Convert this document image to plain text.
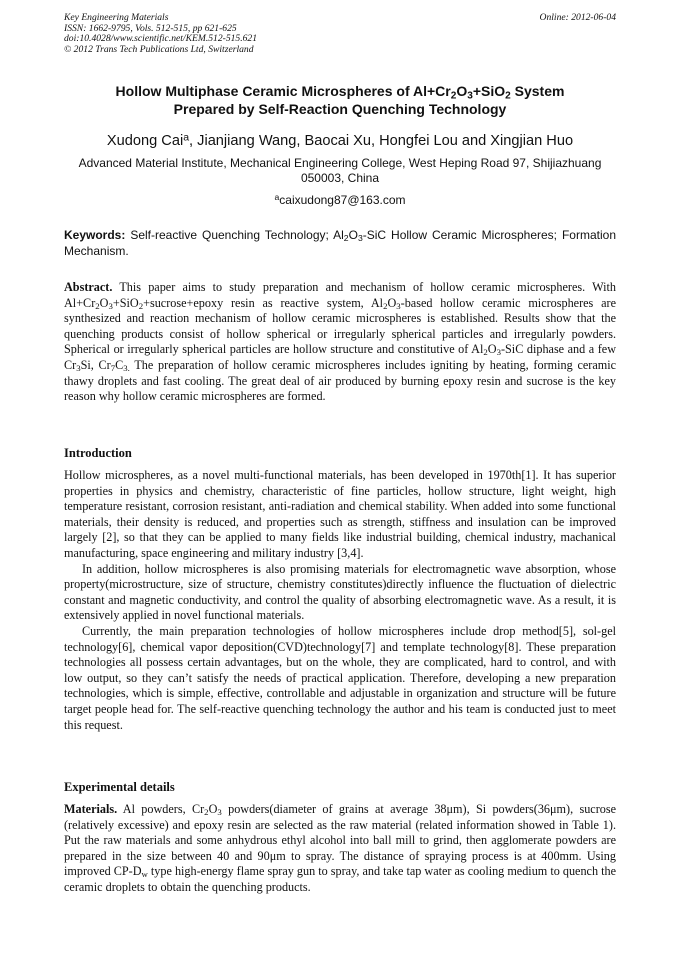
Key Engineering Materials
ISSN: 1662-9795, Vols. 512-515, pp 621-625
doi:10.4028/www.scientific.net/KEM.512-515.621
© 2012 Trans Tech Publications Ltd, Switzerland
Online: 2012-06-04
Hollow Multiphase Ceramic Microspheres of $Al+Cr_2O_3+SiO_2$ System
Prepared by Self-Reaction Quenching Technology
Xudong Cai$^a$, Jianjiang Wang, Baocai Xu, Hongfei Lou and Xingjian Huo
Advanced Material Institute, Mechanical Engineering College, West Heping Road 97, Shijiazhuang 050003, China
$^a$caixudong87@163.com
Keywords: Self-reactive Quenching Technology; $Al_2O_3$-SiC Hollow Ceramic Microspheres; Formation Mechanism.
Abstract. This paper aims to study preparation and mechanism of hollow ceramic microspheres. With $Al+Cr_2O_3+SiO_2+sucrose+epoxy$ resin as reactive system, $Al_2O_3$-based hollow ceramic microspheres are synthesized and reaction mechanism of hollow ceramic microspheres is established. Results show that the quenching products consist of hollow spherical or irregularly spherical particles and irregularly powders. Spherical or irregularly spherical particles are hollow structure and constitutive of $Al_2O_3$-SiC diphase and a few $Cr_3Si$, $Cr_7C_{3.}$ The preparation of hollow ceramic microspheres includes igniting by heating, forming ceramic thawy droplets and fast cooling. The great deal of air produced by burning epoxy resin and sucrose is the key reason why hollow ceramic microspheres are formed.
Introduction

Hollow microspheres, as a novel multi-functional materials, has been developed in 1970th[1]. It has superior properties in physics and chemistry, characteristic of fine particles, hollow structure, light weight, high temperature resistant, corrosion resistant, anti-radiation and chemical stability. When added into some functional materials, their density is reduced, and properties such as strength, stiffness and insulation can be improved largely [2], so that they can be applied to many fields like industrial building, chemical industry, machanical manufacturing, space engineering and military industry [3,4].

In addition, hollow microspheres is also promising materials for electromagnetic wave absorption, whose property(microstructure, size of structure, chemistry constitutes)directly influence the fluctuation of dielectric constant and magnetic conductivity, and control the quality of absorbing electromagnetic wave. As a result, it is extensively applied in novel functional materials.

Currently, the main preparation technologies of hollow microspheres include drop method[5], sol-gel technology[6], chemical vapor deposition(CVD)technology[7] and template technology[8]. These preparation technologies all possess certain advantages, but on the whole, they are complicated, hard to control, and with low output, so they can’t satisfy the needs of practical application. Therefore, developing a new preparation technologies, which is simple, effective, controllable and adjustable in organization and structure will be future target people head for. The self-reactive quenching technology the author and his team is conducted just to meet this request.

Experimental details

Materials. Al powders, $Cr_2O_3$ powders(diameter of grains at average 38μm), Si powders(36μm), sucrose (relatively excessive) and epoxy resin are selected as the raw material (related information showed in Table 1). Put the raw materials and some anhydrous ethyl alcohol into ball mill to grind, then agglomerate powders are prepared in the size between 40 and 90μm to spray. The distance of spraying process is at 400mm. Using improved $CP-D_w$ type high-energy flame spray gun to spray, and take tap water as cooling medium to quench the ceramic droplets to obtain the quenching products.
